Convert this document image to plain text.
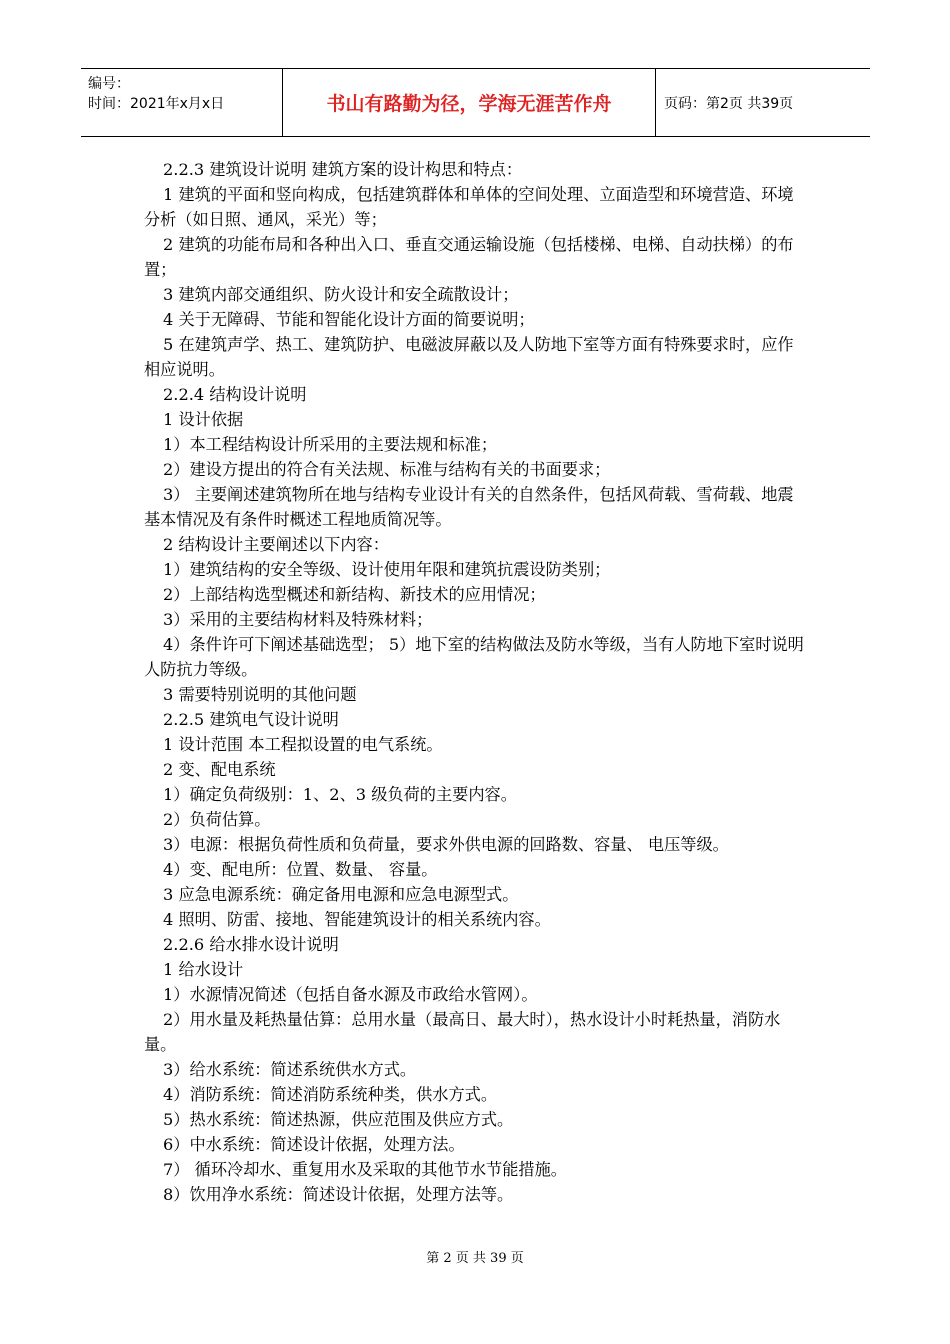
编号：
时间：2021年x月x日	书山有路勤为径，学海无涯苦作舟	页码：第2页 共39页

2.2.3 建筑设计说明 建筑方案的设计构思和特点：

1 建筑的平面和竖向构成，包括建筑群体和单体的空间处理、立面造型和环境营造、环境分析（如日照、通风，采光）等；

2 建筑的功能布局和各种出入口、垂直交通运输设施（包括楼梯、电梯、自动扶梯）的布置；

3 建筑内部交通组织、防火设计和安全疏散设计；

4 关于无障碍、节能和智能化设计方面的简要说明；

5 在建筑声学、热工、建筑防护、电磁波屏蔽以及人防地下室等方面有特殊要求时，应作相应说明。

2.2.4 结构设计说明

1 设计依据

1）本工程结构设计所采用的主要法规和标准；

2）建设方提出的符合有关法规、标准与结构有关的书面要求；

3） 主要阐述建筑物所在地与结构专业设计有关的自然条件，包括风荷载、雪荷载、地震基本情况及有条件时概述工程地质简况等。

2 结构设计主要阐述以下内容：

1）建筑结构的安全等级、设计使用年限和建筑抗震设防类别；

2）上部结构选型概述和新结构、新技术的应用情况；

3）采用的主要结构材料及特殊材料；

4）条件许可下阐述基础选型； 5）地下室的结构做法及防水等级，当有人防地下室时说明人防抗力等级。

3 需要特别说明的其他问题

2.2.5 建筑电气设计说明

1 设计范围 本工程拟设置的电气系统。

2 变、配电系统

1）确定负荷级别：1、2、3 级负荷的主要内容。

2）负荷估算。

3）电源：根据负荷性质和负荷量，要求外供电源的回路数、容量、 电压等级。

4）变、配电所：位置、数量、 容量。

3 应急电源系统：确定备用电源和应急电源型式。

4 照明、防雷、接地、智能建筑设计的相关系统内容。

2.2.6 给水排水设计说明

1 给水设计

1）水源情况简述（包括自备水源及市政给水管网）。

2）用水量及耗热量估算：总用水量（最高日、最大时），热水设计小时耗热量，消防水量。

3）给水系统：简述系统供水方式。

4）消防系统：简述消防系统种类，供水方式。

5）热水系统：简述热源，供应范围及供应方式。

6）中水系统：简述设计依据，处理方法。

7） 循环冷却水、重复用水及采取的其他节水节能措施。

8）饮用净水系统：简述设计依据，处理方法等。

第 2 页 共 39 页
